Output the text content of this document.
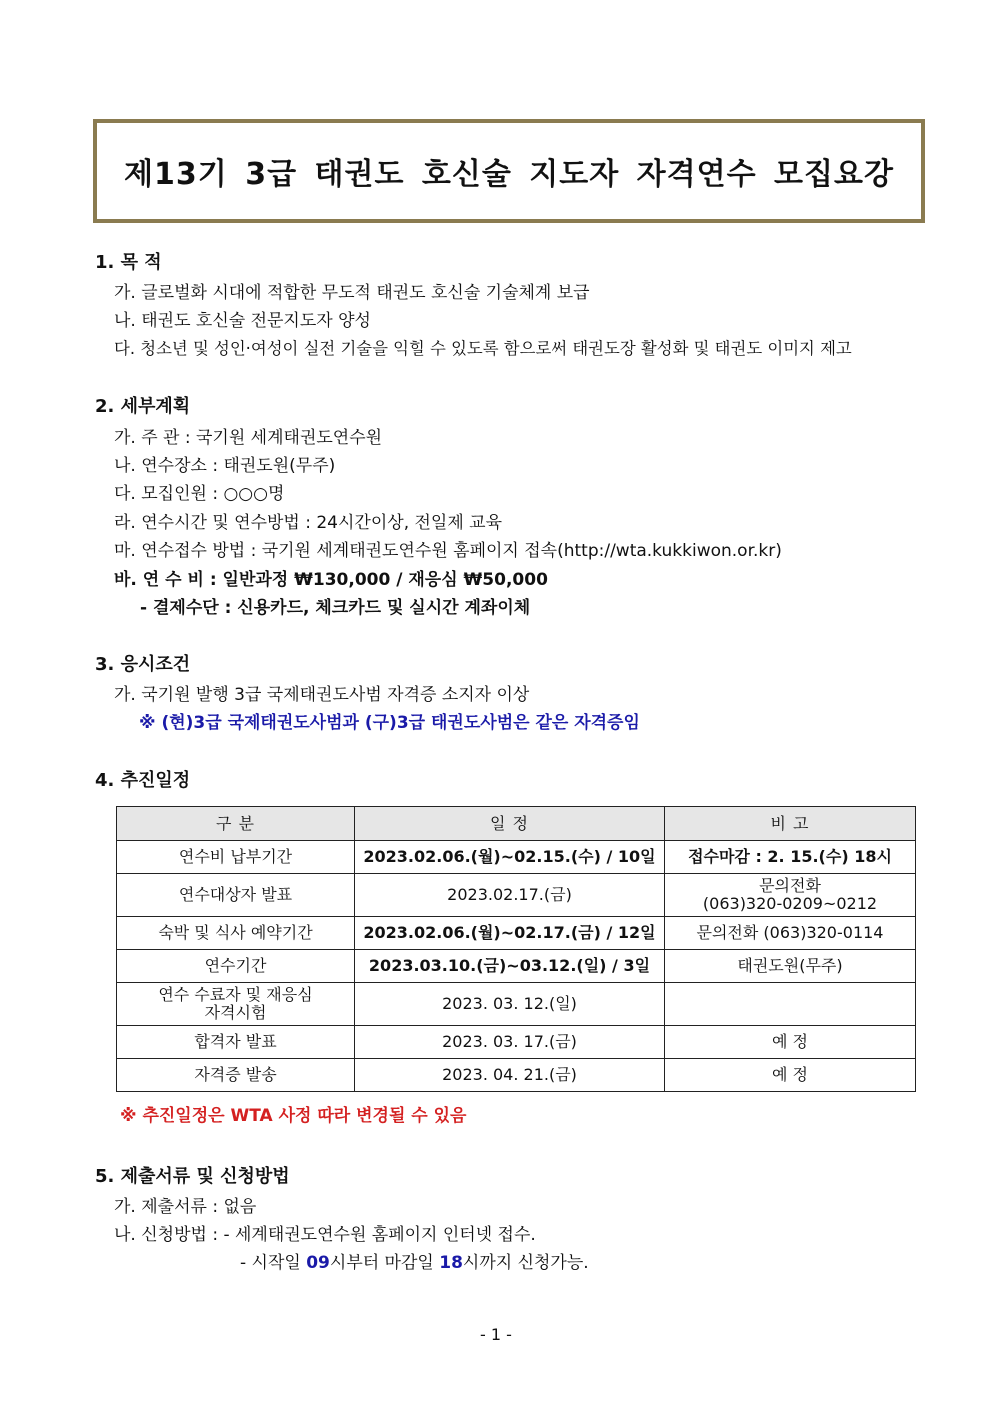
제13기 3급 태권도 호신술 지도자 자격연수 모집요강
1. 목 적
가. 글로벌화 시대에 적합한 무도적 태권도 호신술 기술체계 보급
나. 태권도 호신술 전문지도자 양성
다. 청소년 및 성인·여성이 실전 기술을 익힐 수 있도록 함으로써 태권도장 활성화 및 태권도 이미지 제고
2. 세부계획
가. 주 관 : 국기원 세계태권도연수원
나. 연수장소 : 태권도원(무주)
다. 모집인원 : ○○○명
라. 연수시간 및 연수방법 : 24시간이상, 전일제 교육
마. 연수접수 방법 : 국기원 세계태권도연수원 홈페이지 접속(http://wta.kukkiwon.or.kr)
바. 연 수 비 : 일반과정 ₩130,000 / 재응심 ₩50,000
- 결제수단 : 신용카드, 체크카드 및 실시간 계좌이체
3. 응시조건
가. 국기원 발행 3급 국제태권도사범 자격증 소지자 이상
※ (현)3급 국제태권도사범과 (구)3급 태권도사범은 같은 자격증임
4. 추진일정
구 분	일 정	비 고
연수비 납부기간	2023.02.06.(월)~02.15.(수) / 10일	접수마감 : 2. 15.(수) 18시
연수대상자 발표	2023.02.17.(금)	문의전화
(063)320-0209~0212

숙박 및 식사 예약기간	2023.02.06.(월)~02.17.(금) / 12일	문의전화 (063)320-0114
연수기간	2023.03.10.(금)~03.12.(일) / 3일	태권도원(무주)

연수 수료자 및 재응심
자격시험	2023. 03. 12.(일)	
합격자 발표	2023. 03. 17.(금)	예 정
자격증 발송	2023. 04. 21.(금)	예 정
※ 추진일정은 WTA 사정 따라 변경될 수 있음
5. 제출서류 및 신청방법
가. 제출서류 : 없음
나. 신청방법 : - 세계태권도연수원 홈페이지 인터넷 접수.
- 시작일 09시부터 마감일 18시까지 신청가능.
- 1 -
